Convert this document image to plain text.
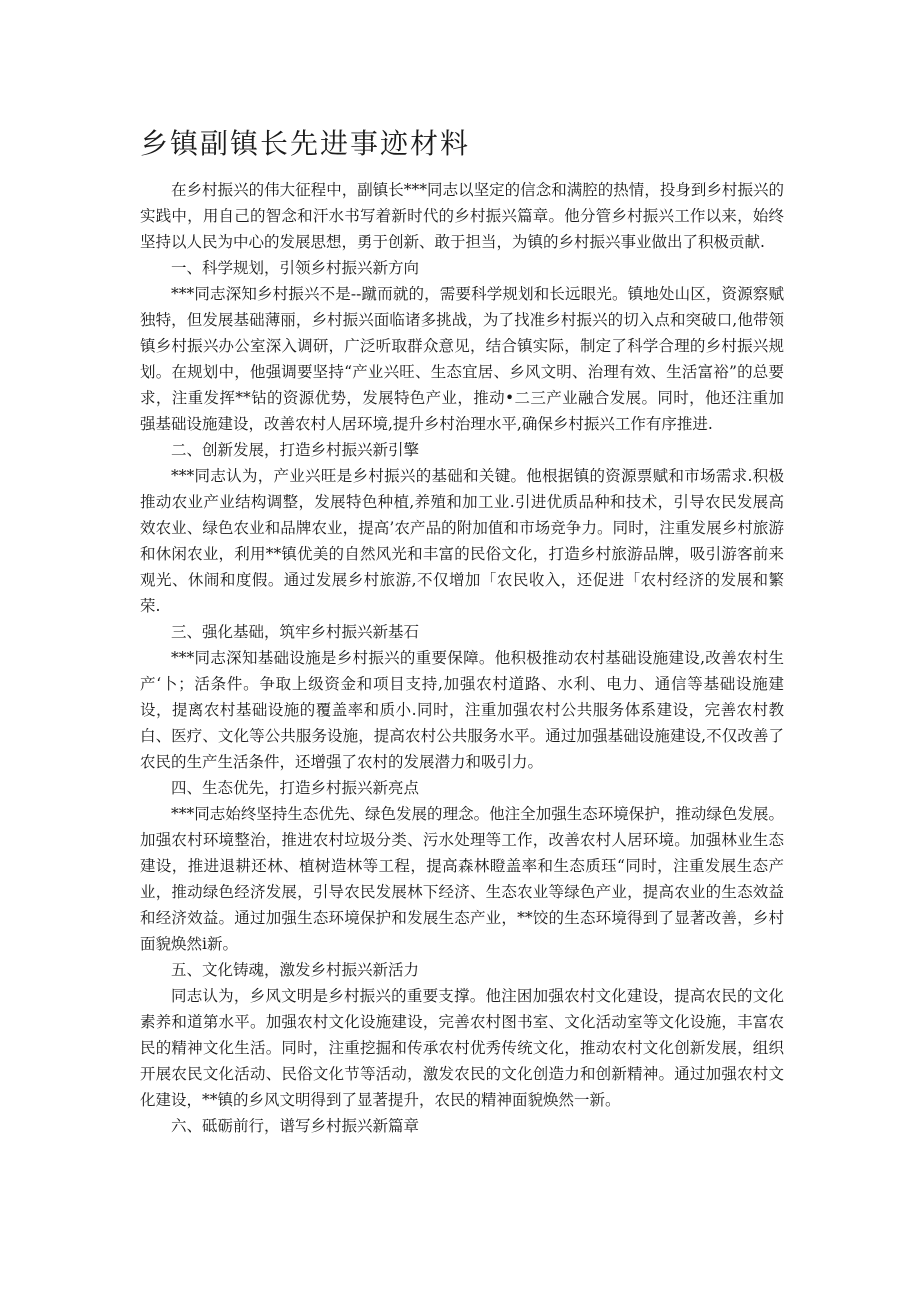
乡镇副镇长先进事迹材料

在乡村振兴的伟大征程中，副镇长***同志以坚定的信念和满腔的热情，投身到乡村振兴的实践中，用自己的智念和汗水书写着新时代的乡村振兴篇章。他分管乡村振兴工作以来，始终坚持以人民为中心的发展思想，勇于创新、敢于担当，为镇的乡村振兴事业做出了积极贡献.

一、科学规划，引领乡村振兴新方向

***同志深知乡村振兴不是--蹴而就的，需要科学规划和长远眼光。镇地处山区，资源察赋独特，但发展基础薄丽，乡村振兴面临诸多挑战，为了找准乡村振兴的切入点和突破口,他带领镇乡村振兴办公室深入调研，广泛听取群众意见，结合镇实际，制定了科学合理的乡村振兴规划。在规划中，他强调要坚持“产业兴旺、生态宜居、乡风文明、治理有效、生活富裕”的总要求，注重发挥**钻的资源优势，发展特色产业，推动•二三产业融合发展。同时，他还注重加强基础设施建设，改善农村人居环境,提升乡村治理水平,确保乡村振兴工作有序推进.

二、创新发展，打造乡村振兴新引擎

***同志认为，产业兴旺是乡村振兴的基础和关键。他根据镇的资源票赋和市场需求.积极推动农业产业结构调整，发展特色种植,养殖和加工业.引进优质品种和技术，引导农民发展高效农业、绿色农业和品牌农业，提高’农产品的附加值和市场竞争力。同时，注重发展乡村旅游和休闲农业，利用**镇优美的自然风光和丰富的民俗文化，打造乡村旅游品牌，吸引游客前来观光、休闹和度假。通过发展乡村旅游,不仅增加「农民收入，还促进「农村经济的发展和繁荣.

三、强化基础，筑牢乡村振兴新基石

***同志深知基础设施是乡村振兴的重要保障。他积极推动农村基础设施建设,改善农村生产‘卜；活条件。争取上级资金和项目支持,加强农村道路、水利、电力、通信等基础设施建设，提离农村基础设施的覆盖率和质小.同时，注重加强农村公共服务体系建设，完善农村教白、医疗、文化等公共服务设施，提高农村公共服务水平。通过加强基础设施建设,不仅改善了农民的生产生活条件，还增强了农村的发展潜力和吸引力。

四、生态优先，打造乡村振兴新亮点

***同志始终坚持生态优先、绿色发展的理念。他注全加强生态环境保护，推动绿色发展。加强农村环境整治，推进农村垃圾分类、污水处理等工作，改善农村人居环境。加强林业生态建设，推进退耕还林、植树造林等工程，提高森林瞪盖率和生态质珏“同时，注重发展生态产业，推动绿色经济发展，引导农民发展林下经济、生态农业等绿色产业，提高农业的生态效益和经济效益。通过加强生态环境保护和发展生态产业，**饺的生态环境得到了显著改善，乡村面貌焕然i新。

五、文化铸魂，激发乡村振兴新活力

同志认为，乡风文明是乡村振兴的重要支撑。他注困加强农村文化建设，提高农民的文化素养和道第水平。加强农村文化设施建设，完善农村图书室、文化活动室等文化设施，丰富农民的精神文化生活。同时，注重挖掘和传承农村优秀传统文化，推动农村文化创新发展，组织开展农民文化活动、民俗文化节等活动，激发农民的文化创造力和创新精神。通过加强农村文化建设，**镇的乡风文明得到了显著提升，农民的精神面貌焕然一新。

六、砥砺前行，谱写乡村振兴新篇章
